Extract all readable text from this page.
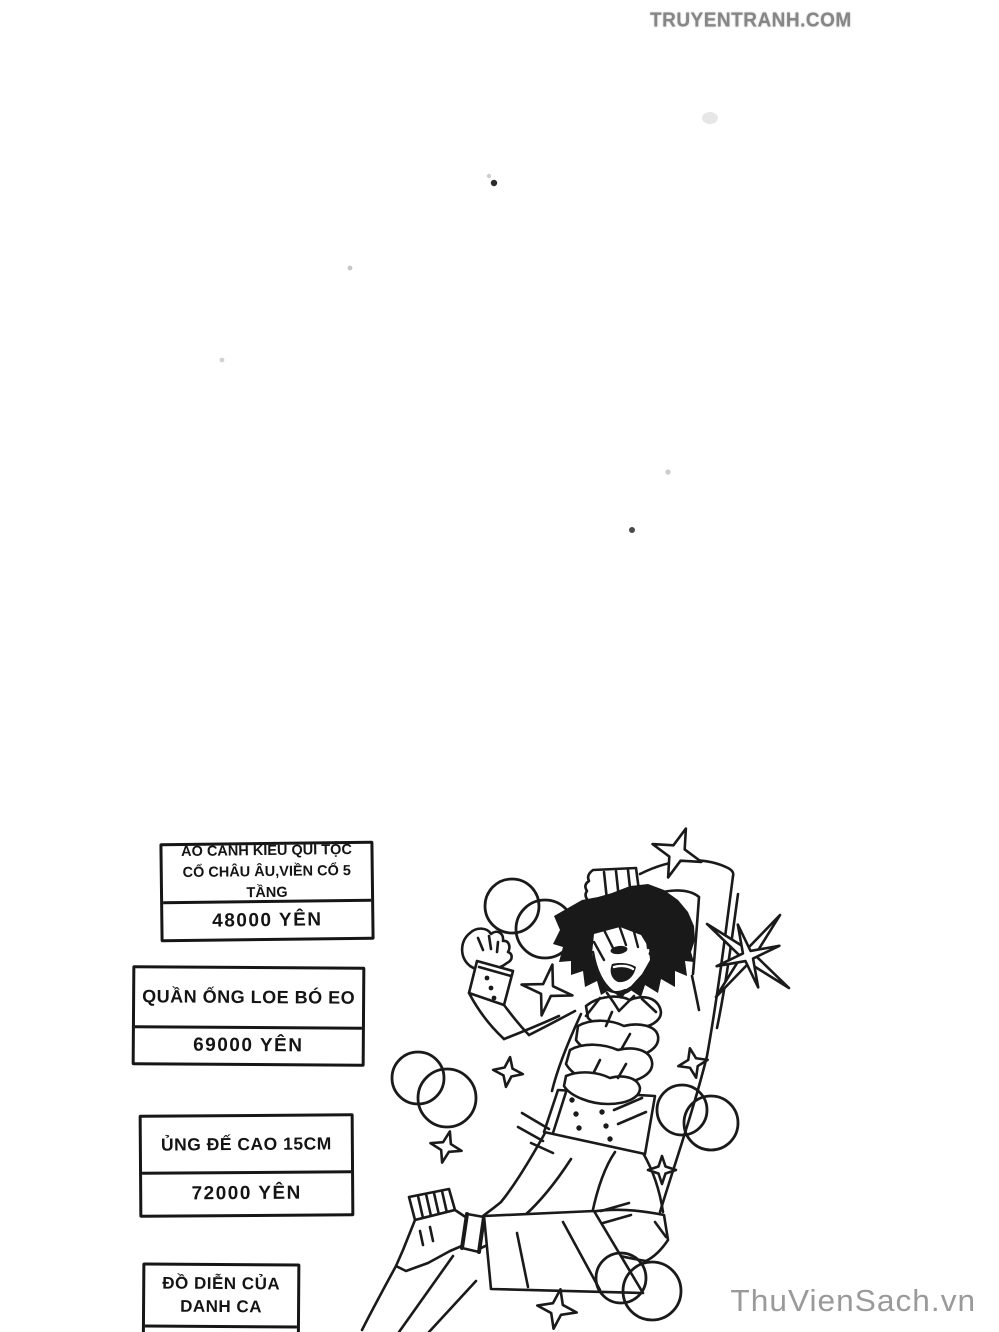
TRUYENTRANH.COM
ÁO CÁNH KIỂU QUÍ TỘC
CỔ CHÂU ÂU,VIỀN CỔ 5 TẦNG
48000 YÊN
QUẦN ỐNG LOE BÓ EO
69000 YÊN
ỦNG ĐẾ CAO 15CM
72000 YÊN
ĐỒ DIỄN CỦA
DANH CA	ThuVienSach.vn
